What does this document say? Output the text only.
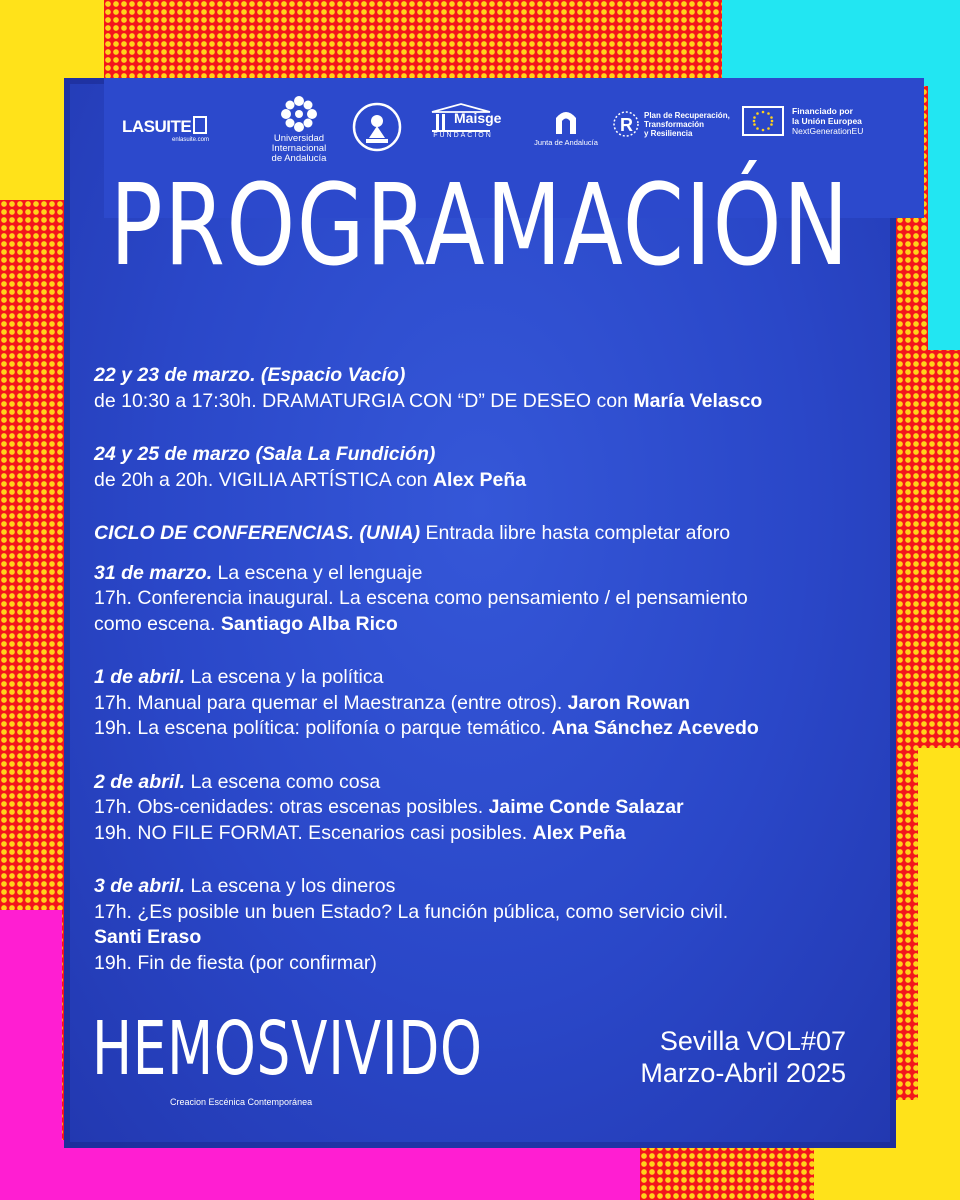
LASUITE
enlasuite.com	Universidad
Internacional
de Andalucía
Maisge
FUNDACIÓN
Junta de Andalucía
R Plan de Recuperación,
Transformación
y Resiliencia
Financiado por
la Unión Europea
NextGenerationEU
PROGRAMACIÓN

22 y 23 de marzo. (Espacio Vacío)

de 10:30 a 17:30h. DRAMATURGIA CON “D” DE DESEO con María Velasco

24 y 25 de marzo (Sala La Fundición)

de 20h a 20h. VIGILIA ARTÍSTICA con Alex Peña

CICLO DE CONFERENCIAS. (UNIA) Entrada libre hasta completar aforo

31 de marzo. La escena y el lenguaje

17h. Conferencia inaugural. La escena como pensamiento / el pensamiento

como escena. Santiago Alba Rico

1 de abril. La escena y la política

17h. Manual para quemar el Maestranza (entre otros). Jaron Rowan

19h. La escena política: polifonía o parque temático. Ana Sánchez Acevedo

2 de abril. La escena como cosa

17h. Obs-cenidades: otras escenas posibles. Jaime Conde Salazar

19h. NO FILE FORMAT. Escenarios casi posibles. Alex Peña

3 de abril. La escena y los dineros

17h. ¿Es posible un buen Estado? La función pública, como servicio civil.

Santi Eraso

19h. Fin de fiesta (por confirmar)

HEMOSVIVIDO
Creacion Escénica Contemporánea
Sevilla VOL#07
Marzo-Abril 2025
